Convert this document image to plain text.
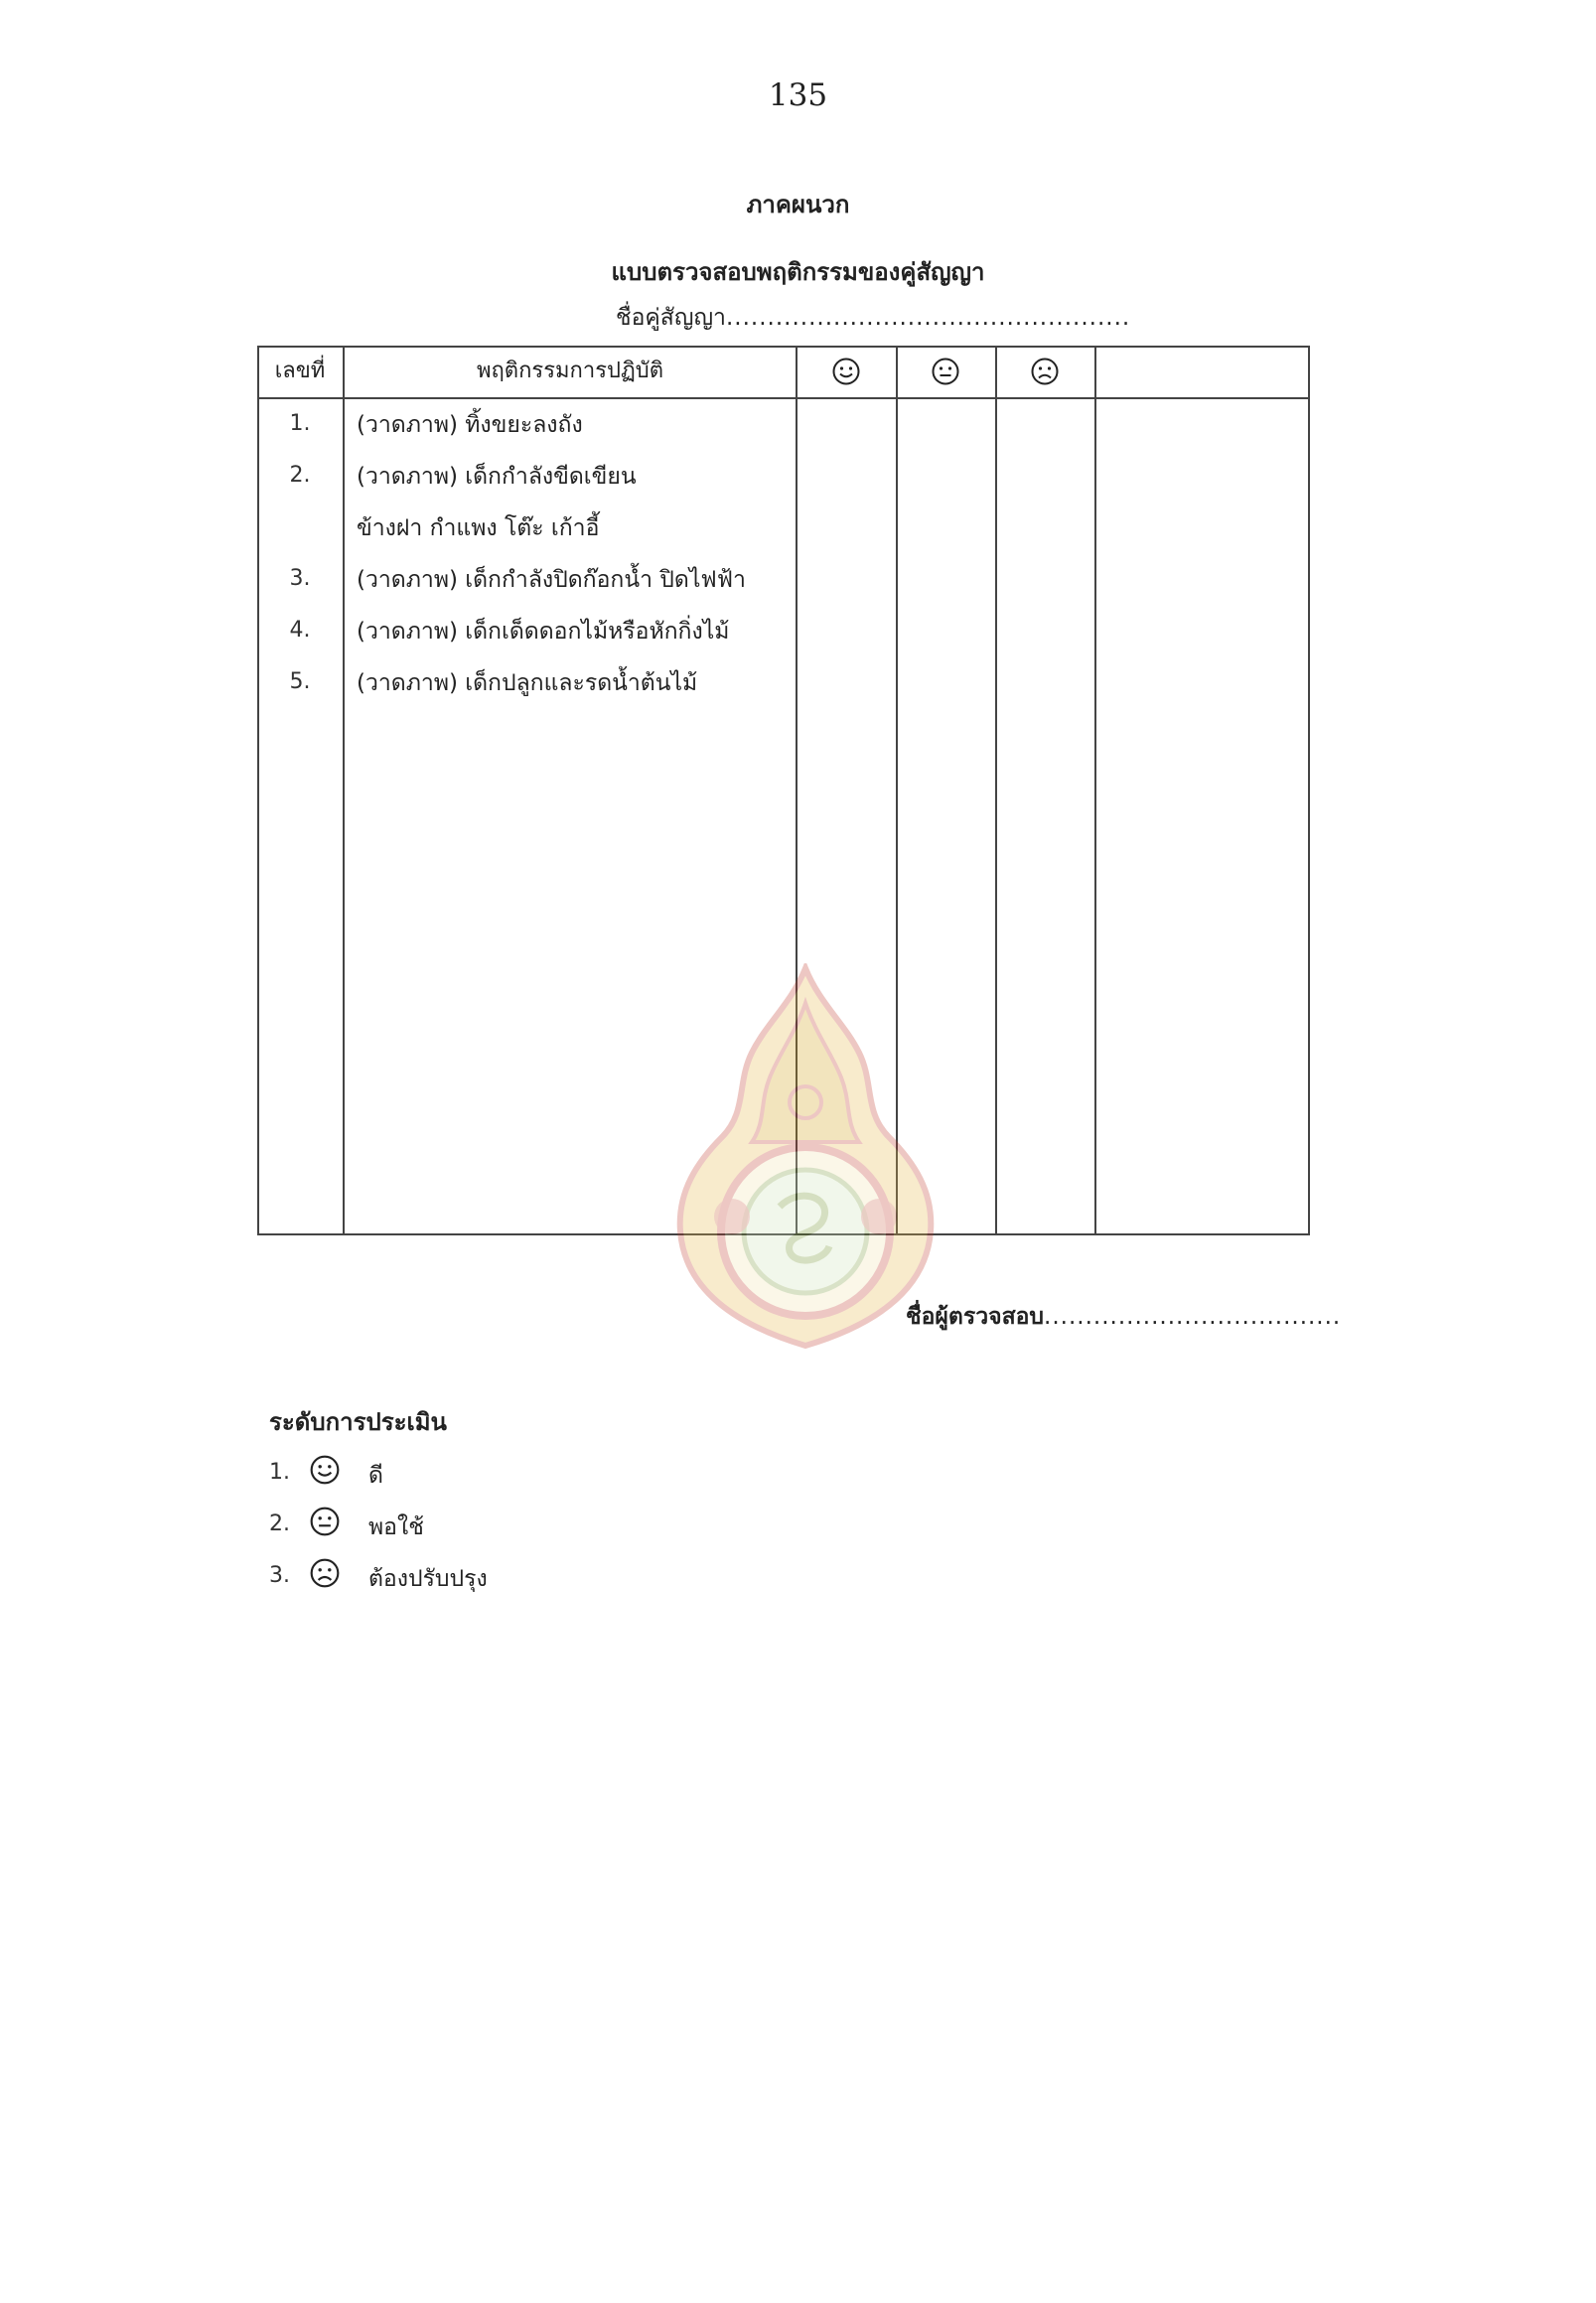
135
ภาคผนวก
แบบตรวจสอบพฤติกรรมของคู่สัญญา
ชื่อคู่สัญญา.................................................
เลขที่	พฤติกรรมการปฏิบัติ
1.	(วาดภาพ) ทิ้งขยะลงถัง
2.	(วาดภาพ) เด็กกำลังขีดเขียน
ข้างฝา กำแพง โต๊ะ เก้าอี้
3.	(วาดภาพ) เด็กกำลังปิดก๊อกน้ำ ปิดไฟฟ้า
4.	(วาดภาพ) เด็กเด็ดดอกไม้หรือหักกิ่งไม้
5.	(วาดภาพ) เด็กปลูกและรดน้ำต้นไม้
ชื่อผู้ตรวจสอบ....................................
ระดับการประเมิน
1.	ดี
2.	พอใช้
3.	ต้องปรับปรุง
